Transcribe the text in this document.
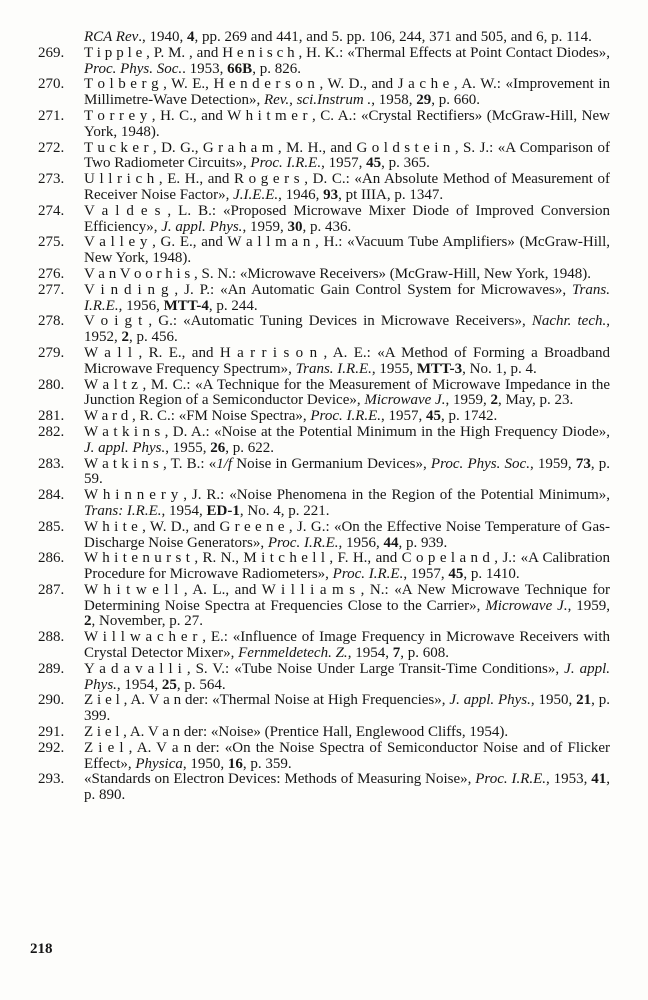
RCA Rev., 1940, 4, pp. 269 and 441, and 5. pp. 106, 244, 371 and 505, and 6, p. 114.

269.	T i p p l e , P. M. , and H e n i s c h , H. K.: «Thermal Effects at Point Contact Diodes», Proc. Phys. Soc.. 1953, 66B, p. 826.
270.	T o l b e r g , W. E., H e n d e r s o n , W. D., and J a c h e , A. W.: «Improvement in Millimetre-Wave Detection», Rev., sci.Instrum ., 1958, 29, p. 660.
271.	T o r r e y , H. C., and W h i t m e r , C. A.: «Crystal Rectifiers» (McGraw-Hill, New York, 1948).
272.	T u c k e r , D. G., G r a h a m , M. H., and G o l d s t e i n , S. J.: «A Comparison of Two Radiometer Circuits», Proc. I.R.E., 1957, 45, p. 365.
273.	U l l r i c h , E. H., and R o g e r s , D. C.: «An Absolute Method of Measurement of Receiver Noise Factor», J.I.E.E., 1946, 93, pt IIIA, p. 1347.
274.	V a l d e s , L. B.: «Proposed Microwave Mixer Diode of Improved Conversion Efficiency», J. appl. Phys., 1959, 30, p. 436.
275.	V a l l e y , G. E., and W a l l m a n , H.: «Vacuum Tube Amplifiers» (McGraw-Hill, New York, 1948).
276.	V a n V o o r h i s , S. N.: «Microwave Receivers» (McGraw-Hill, New York, 1948).
277.	V i n d i n g , J. P.: «An Automatic Gain Control System for Microwaves», Trans. I.R.E., 1956, MTT-4, p. 244.
278.	V o i g t , G.: «Automatic Tuning Devices in Microwave Receivers», Nachr. tech., 1952, 2, p. 456.
279.	W a l l , R. E., and H a r r i s o n , A. E.: «A Method of Forming a Broadband Microwave Frequency Spectrum», Trans. I.R.E., 1955, MTT-3, No. 1, p. 4.
280.	W a l t z , M. C.: «A Technique for the Measurement of Microwave Impedance in the Junction Region of a Semiconductor Device», Microwave J., 1959, 2, May, p. 23.
281.	W a r d , R. C.: «FM Noise Spectra», Proc. I.R.E., 1957, 45, p. 1742.
282.	W a t k i n s , D. A.: «Noise at the Potential Minimum in the High Frequency Diode», J. appl. Phys., 1955, 26, p. 622.
283.	W a t k i n s , T. B.: «1/f Noise in Germanium Devices», Proc. Phys. Soc., 1959, 73, p. 59.
284.	W h i n n e r y , J. R.: «Noise Phenomena in the Region of the Potential Minimum», Trans: I.R.E., 1954, ED-1, No. 4, p. 221.
285.	W h i t e , W. D., and G r e e n e , J. G.: «On the Effective Noise Temperature of Gas-Discharge Noise Generators», Proc. I.R.E., 1956, 44, p. 939.
286.	W h i t e n u r s t , R. N., M i t c h e l l , F. H., and C o p e l a n d , J.: «A Calibration Procedure for Microwave Radiometers», Proc. I.R.E., 1957, 45, p. 1410.
287.	W h i t w e l l , A. L., and W i l l i a m s , N.: «A New Microwave Technique for Determining Noise Spectra at Frequencies Close to the Carrier», Microwave J., 1959, 2, November, p. 27.
288.	W i l l w a c h e r , E.: «Influence of Image Frequency in Microwave Receivers with Crystal Detector Mixer», Fernmeldetech. Z., 1954, 7, p. 608.
289.	Y a d a v a l l i , S. V.: «Tube Noise Under Large Transit-Time Conditions», J. appl. Phys., 1954, 25, p. 564.
290.	Z i e l , A. V a n der: «Thermal Noise at High Frequencies», J. appl. Phys., 1950, 21, p. 399.
291.	Z i e l , A. V a n der: «Noise» (Prentice Hall, Englewood Cliffs, 1954).
292.	Z i e l , A. V a n der: «On the Noise Spectra of Semiconductor Noise and of Flicker Effect», Physica, 1950, 16, p. 359.
293.	«Standards on Electron Devices: Methods of Measuring Noise», Proc. I.R.E., 1953, 41, p. 890.
218
